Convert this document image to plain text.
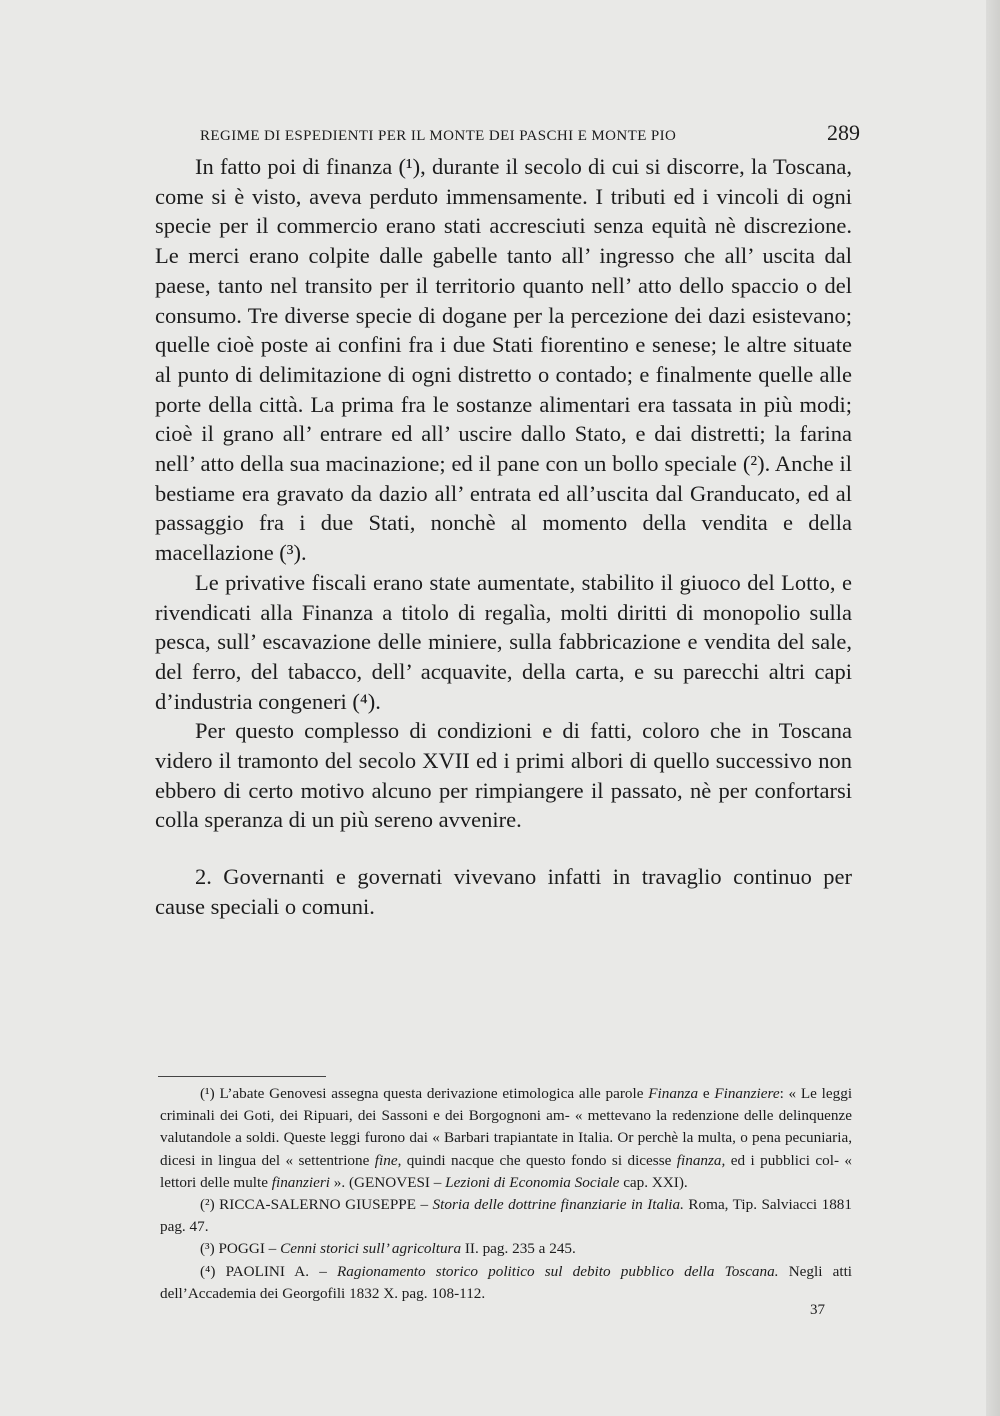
REGIME DI ESPEDIENTI PER IL MONTE DEI PASCHI E MONTE PIO	289

In fatto poi di finanza (¹), durante il secolo di cui si discorre, la Toscana, come si è visto, aveva perduto immensamente. I tributi ed i vincoli di ogni specie per il commercio erano stati accresciuti senza equità nè discrezione. Le merci erano colpite dalle gabelle tanto all’ ingresso che all’ uscita dal paese, tanto nel transito per il territorio quanto nell’ atto dello spaccio o del consumo. Tre diverse specie di dogane per la percezione dei dazi esistevano; quelle cioè poste ai confini fra i due Stati fiorentino e senese; le altre situate al punto di delimitazione di ogni distretto o contado; e finalmente quelle alle porte della città. La prima fra le sostanze alimentari era tassata in più modi; cioè il grano all’ entrare ed all’ uscire dallo Stato, e dai distretti; la farina nell’ atto della sua macinazione; ed il pane con un bollo speciale (²). Anche il bestiame era gravato da dazio all’ entrata ed all’uscita dal Granducato, ed al passaggio fra i due Stati, nonchè al momento della vendita e della macellazione (³).

Le privative fiscali erano state aumentate, stabilito il giuoco del Lotto, e rivendicati alla Finanza a titolo di regalìa, molti diritti di monopolio sulla pesca, sull’ escavazione delle miniere, sulla fabbricazione e vendita del sale, del ferro, del tabacco, dell’ acquavite, della carta, e su parecchi altri capi d’industria congeneri (⁴).

Per questo complesso di condizioni e di fatti, coloro che in Toscana videro il tramonto del secolo XVII ed i primi albori di quello successivo non ebbero di certo motivo alcuno per rimpiangere il passato, nè per confortarsi colla speranza di un più sereno avvenire.

2. Governanti e governati vivevano infatti in travaglio continuo per cause speciali o comuni.

(¹) L’abate Genovesi assegna questa derivazione etimologica alle parole Finanza e Finanziere: « Le leggi criminali dei Goti, dei Ripuari, dei Sassoni e dei Borgognoni am- « mettevano la redenzione delle delinquenze valutandole a soldi. Queste leggi furono dai « Barbari trapiantate in Italia. Or perchè la multa, o pena pecuniaria, dicesi in lingua del « settentrione fine, quindi nacque che questo fondo si dicesse finanza, ed i pubblici col- « lettori delle multe finanzieri ». (GENOVESI – Lezioni di Economia Sociale cap. XXI).

(²) RICCA-SALERNO GIUSEPPE – Storia delle dottrine finanziarie in Italia. Roma, Tip. Salviacci 1881 pag. 47.

(³) POGGI – Cenni storici sull’ agricoltura II. pag. 235 a 245.

(⁴) PAOLINI A. – Ragionamento storico politico sul debito pubblico della Toscana. Negli atti dell’Accademia dei Georgofili 1832 X. pag. 108-112.

37
